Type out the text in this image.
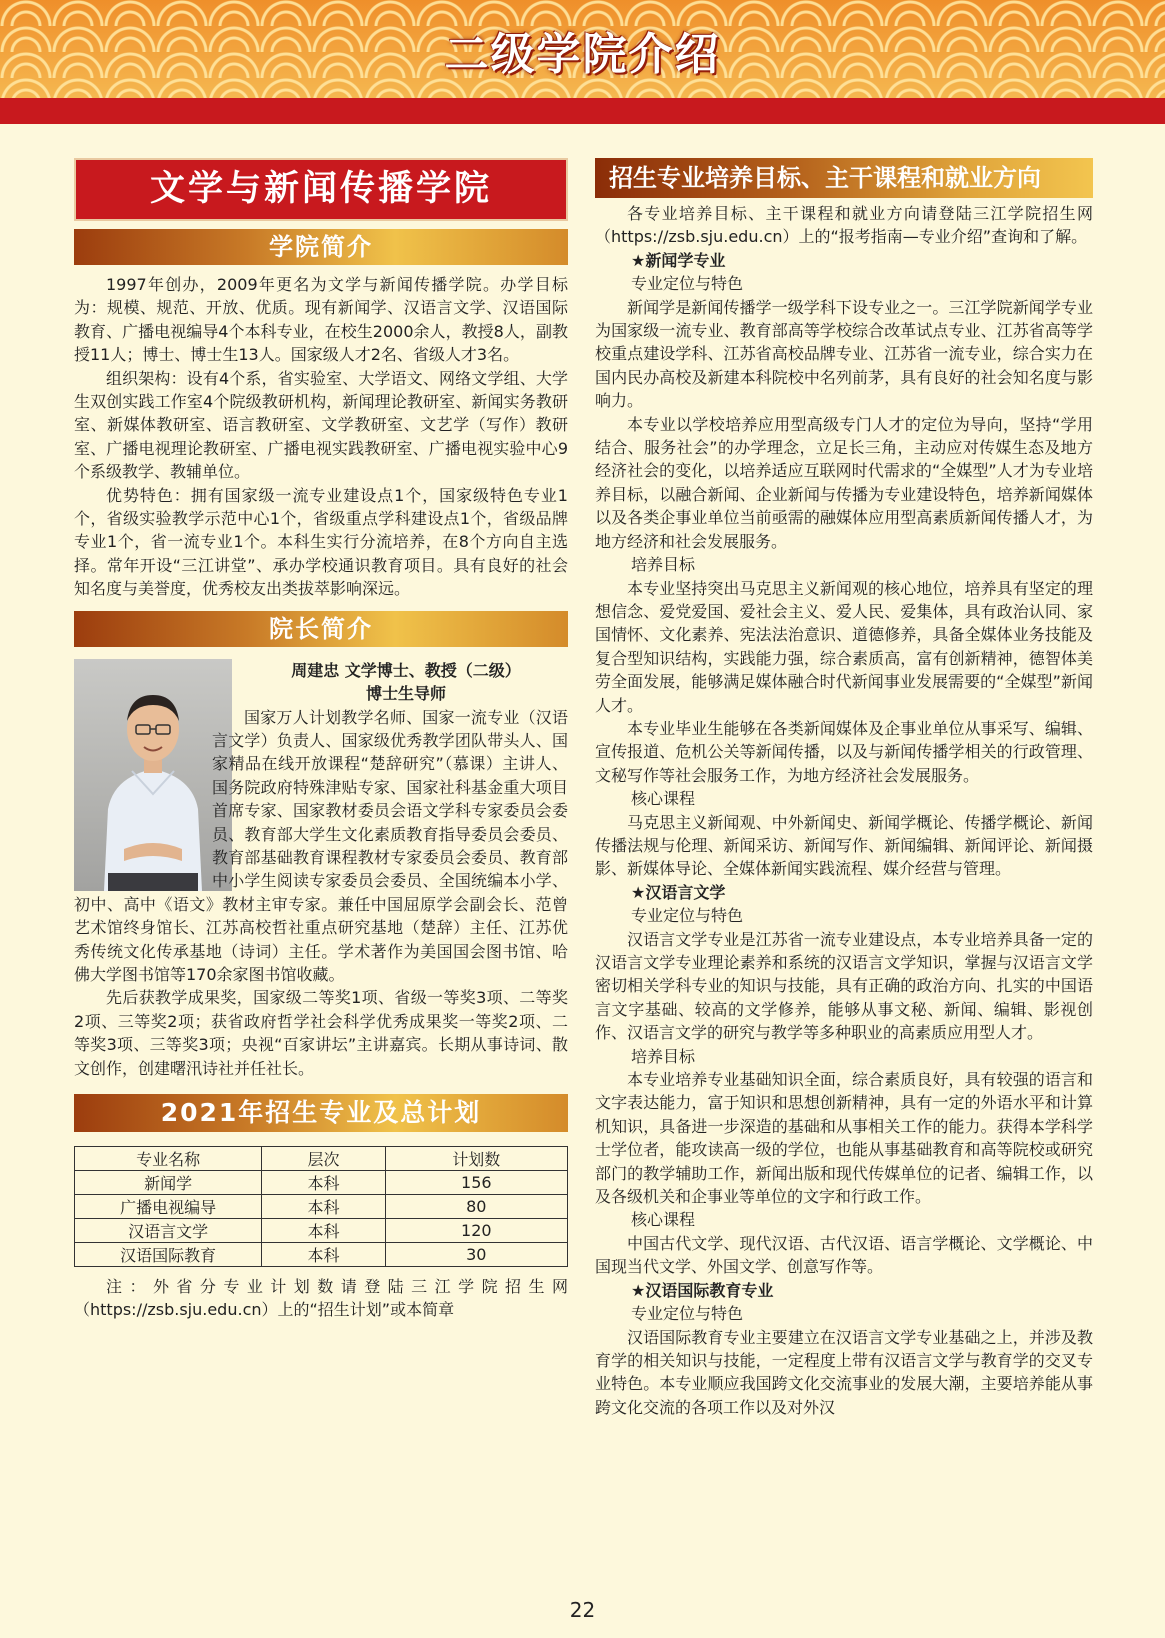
二级学院介绍
文学与新闻传播学院
学院简介

1997年创办，2009年更名为文学与新闻传播学院。办学目标为：规模、规范、开放、优质。现有新闻学、汉语言文学、汉语国际教育、广播电视编导4个本科专业，在校生2000余人，教授8人，副教授11人；博士、博士生13人。国家级人才2名、省级人才3名。

组织架构：设有4个系，省实验室、大学语文、网络文学组、大学生双创实践工作室4个院级教研机构，新闻理论教研室、新闻实务教研室、新媒体教研室、语言教研室、文学教研室、文艺学（写作）教研室、广播电视理论教研室、广播电视实践教研室、广播电视实验中心9个系级教学、教辅单位。

优势特色：拥有国家级一流专业建设点1个，国家级特色专业1个，省级实验教学示范中心1个，省级重点学科建设点1个，省级品牌专业1个，省一流专业1个。本科生实行分流培养，在8个方向自主选择。常年开设“三江讲堂”、承办学校通识教育项目。具有良好的社会知名度与美誉度，优秀校友出类拔萃影响深远。

院长简介
周建忠 文学博士、教授（二级）
博士生导师

国家万人计划教学名师、国家一流专业（汉语言文学）负责人、国家级优秀教学团队带头人、国家精品在线开放课程“楚辞研究”（慕课）主讲人、国务院政府特殊津贴专家、国家社科基金重大项目首席专家、国家教材委员会语文学科专家委员会委员、教育部大学生文化素质教育指导委员会委员、教育部基础教育课程教材专家委员会委员、教育部中小学生阅读专家委员会委员、全国统编本小学、初中、高中《语文》教材主审专家。兼任中国屈原学会副会长、范曾艺术馆终身馆长、江苏高校哲社重点研究基地（楚辞）主任、江苏优秀传统文化传承基地（诗词）主任。学术著作为美国国会图书馆、哈佛大学图书馆等170余家图书馆收藏。

先后获教学成果奖，国家级二等奖1项、省级一等奖3项、二等奖2项、三等奖2项；获省政府哲学社会科学优秀成果奖一等奖2项、二等奖3项、三等奖3项；央视“百家讲坛”主讲嘉宾。长期从事诗词、散文创作，创建曙汛诗社并任社长。

2021年招生专业及总计划
专业名称	层次	计划数
新闻学	本科	156
广播电视编导	本科	80
汉语言文学	本科	120
汉语国际教育	本科	30

注：外省分专业计划数请登陆三江学院招生网（https://zsb.sju.edu.cn）上的“招生计划”或本简章

招生专业培养目标、主干课程和就业方向

各专业培养目标、主干课程和就业方向请登陆三江学院招生网（https://zsb.sju.edu.cn）上的“报考指南—专业介绍”查询和了解。

★新闻学专业
专业定位与特色

新闻学是新闻传播学一级学科下设专业之一。三江学院新闻学专业为国家级一流专业、教育部高等学校综合改革试点专业、江苏省高等学校重点建设学科、江苏省高校品牌专业、江苏省一流专业，综合实力在国内民办高校及新建本科院校中名列前茅，具有良好的社会知名度与影响力。

本专业以学校培养应用型高级专门人才的定位为导向，坚持“学用结合、服务社会”的办学理念，立足长三角，主动应对传媒生态及地方经济社会的变化，以培养适应互联网时代需求的“全媒型”人才为专业培养目标，以融合新闻、企业新闻与传播为专业建设特色，培养新闻媒体以及各类企事业单位当前亟需的融媒体应用型高素质新闻传播人才，为地方经济和社会发展服务。

培养目标

本专业坚持突出马克思主义新闻观的核心地位，培养具有坚定的理想信念、爱党爱国、爱社会主义、爱人民、爱集体，具有政治认同、家国情怀、文化素养、宪法法治意识、道德修养，具备全媒体业务技能及复合型知识结构，实践能力强，综合素质高，富有创新精神，德智体美劳全面发展，能够满足媒体融合时代新闻事业发展需要的“全媒型”新闻人才。

本专业毕业生能够在各类新闻媒体及企事业单位从事采写、编辑、宣传报道、危机公关等新闻传播，以及与新闻传播学相关的行政管理、文秘写作等社会服务工作，为地方经济社会发展服务。

核心课程

马克思主义新闻观、中外新闻史、新闻学概论、传播学概论、新闻传播法规与伦理、新闻采访、新闻写作、新闻编辑、新闻评论、新闻摄影、新媒体导论、全媒体新闻实践流程、媒介经营与管理。

★汉语言文学
专业定位与特色

汉语言文学专业是江苏省一流专业建设点，本专业培养具备一定的汉语言文学专业理论素养和系统的汉语言文学知识，掌握与汉语言文学密切相关学科专业的知识与技能，具有正确的政治方向、扎实的中国语言文字基础、较高的文学修养，能够从事文秘、新闻、编辑、影视创作、汉语言文学的研究与教学等多种职业的高素质应用型人才。

培养目标

本专业培养专业基础知识全面，综合素质良好，具有较强的语言和文字表达能力，富于知识和思想创新精神，具有一定的外语水平和计算机知识，具备进一步深造的基础和从事相关工作的能力。获得本学科学士学位者，能攻读高一级的学位，也能从事基础教育和高等院校或研究部门的教学辅助工作，新闻出版和现代传媒单位的记者、编辑工作，以及各级机关和企事业等单位的文字和行政工作。

核心课程

中国古代文学、现代汉语、古代汉语、语言学概论、文学概论、中国现当代文学、外国文学、创意写作等。

★汉语国际教育专业
专业定位与特色

汉语国际教育专业主要建立在汉语言文学专业基础之上，并涉及教育学的相关知识与技能，一定程度上带有汉语言文学与教育学的交叉专业特色。本专业顺应我国跨文化交流事业的发展大潮，主要培养能从事跨文化交流的各项工作以及对外汉

22
